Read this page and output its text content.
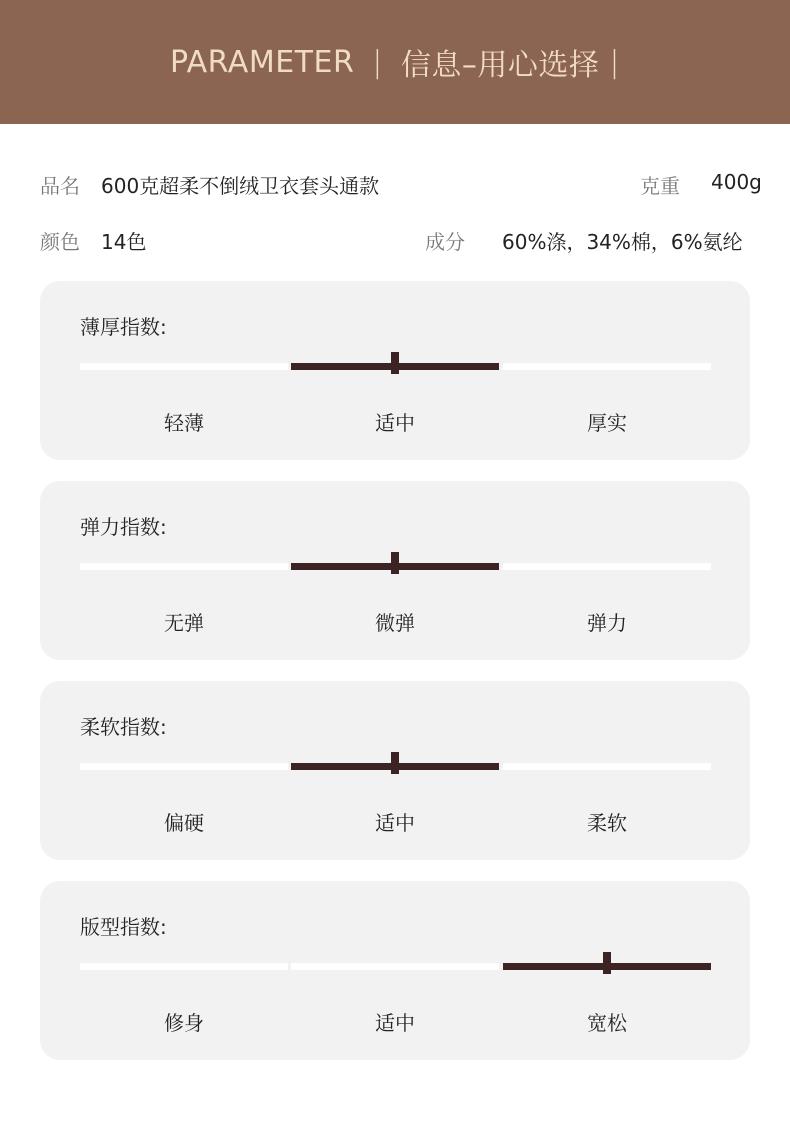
PARAMETER | 信息–用心选择 |
品名 600克超柔不倒绒卫衣套头通款	克重 400g
颜色 14色	成分 60%涤，34%棉，6%氨纶
薄厚指数:
轻薄	适中	厚实
弹力指数:
无弹	微弹	弹力
柔软指数:
偏硬	适中	柔软
版型指数:
修身	适中	宽松
